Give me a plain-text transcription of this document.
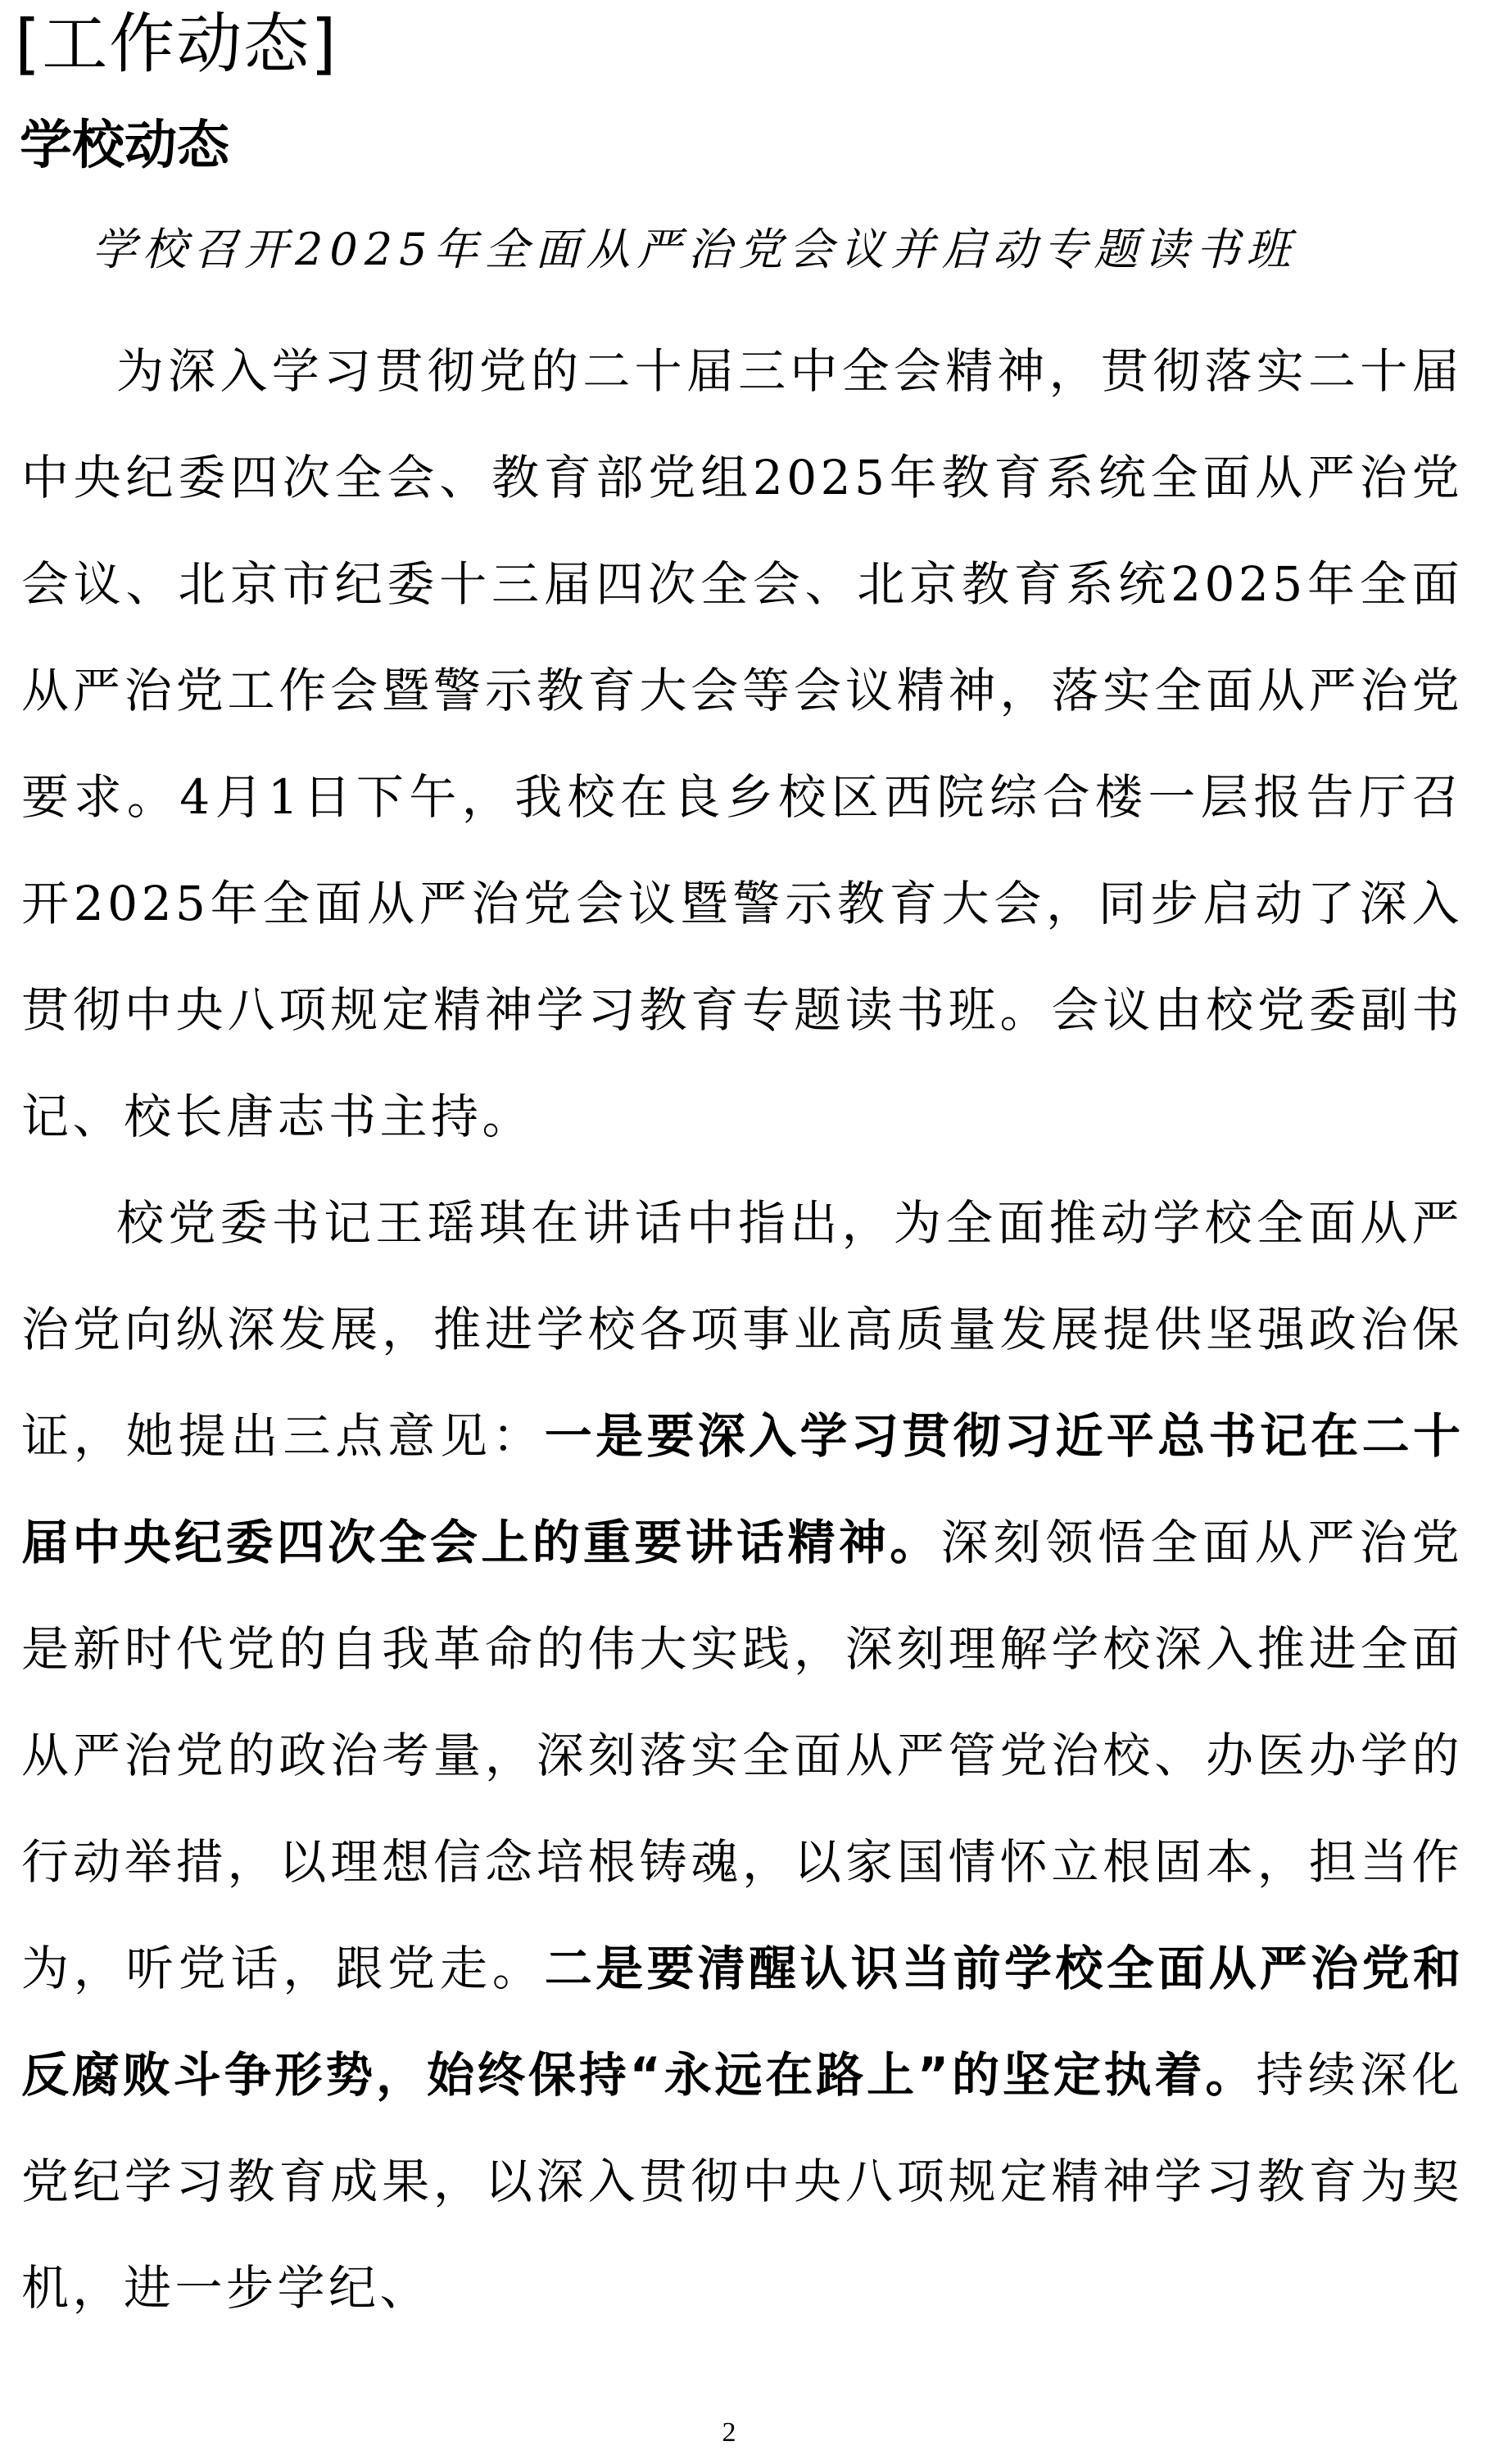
[工作动态]
学校动态
学校召开2025年全面从严治党会议并启动专题读书班

为深入学习贯彻党的二十届三中全会精神，贯彻落实二十届中央纪委四次全会、教育部党组2025年教育系统全面从严治党会议、北京市纪委十三届四次全会、北京教育系统2025年全面从严治党工作会暨警示教育大会等会议精神，落实全面从严治党要求。4月1日下午，我校在良乡校区西院综合楼一层报告厅召开2025年全面从严治党会议暨警示教育大会，同步启动了深入贯彻中央八项规定精神学习教育专题读书班。会议由校党委副书记、校长唐志书主持。

校党委书记王瑶琪在讲话中指出，为全面推动学校全面从严治党向纵深发展，推进学校各项事业高质量发展提供坚强政治保证，她提出三点意见：一是要深入学习贯彻习近平总书记在二十届中央纪委四次全会上的重要讲话精神。深刻领悟全面从严治党是新时代党的自我革命的伟大实践，深刻理解学校深入推进全面从严治党的政治考量，深刻落实全面从严管党治校、办医办学的行动举措，以理想信念培根铸魂，以家国情怀立根固本，担当作为，听党话，跟党走。二是要清醒认识当前学校全面从严治党和反腐败斗争形势，始终保持“永远在路上”的坚定执着。持续深化党纪学习教育成果，以深入贯彻中央八项规定精神学习教育为契机，进一步学纪、

2
